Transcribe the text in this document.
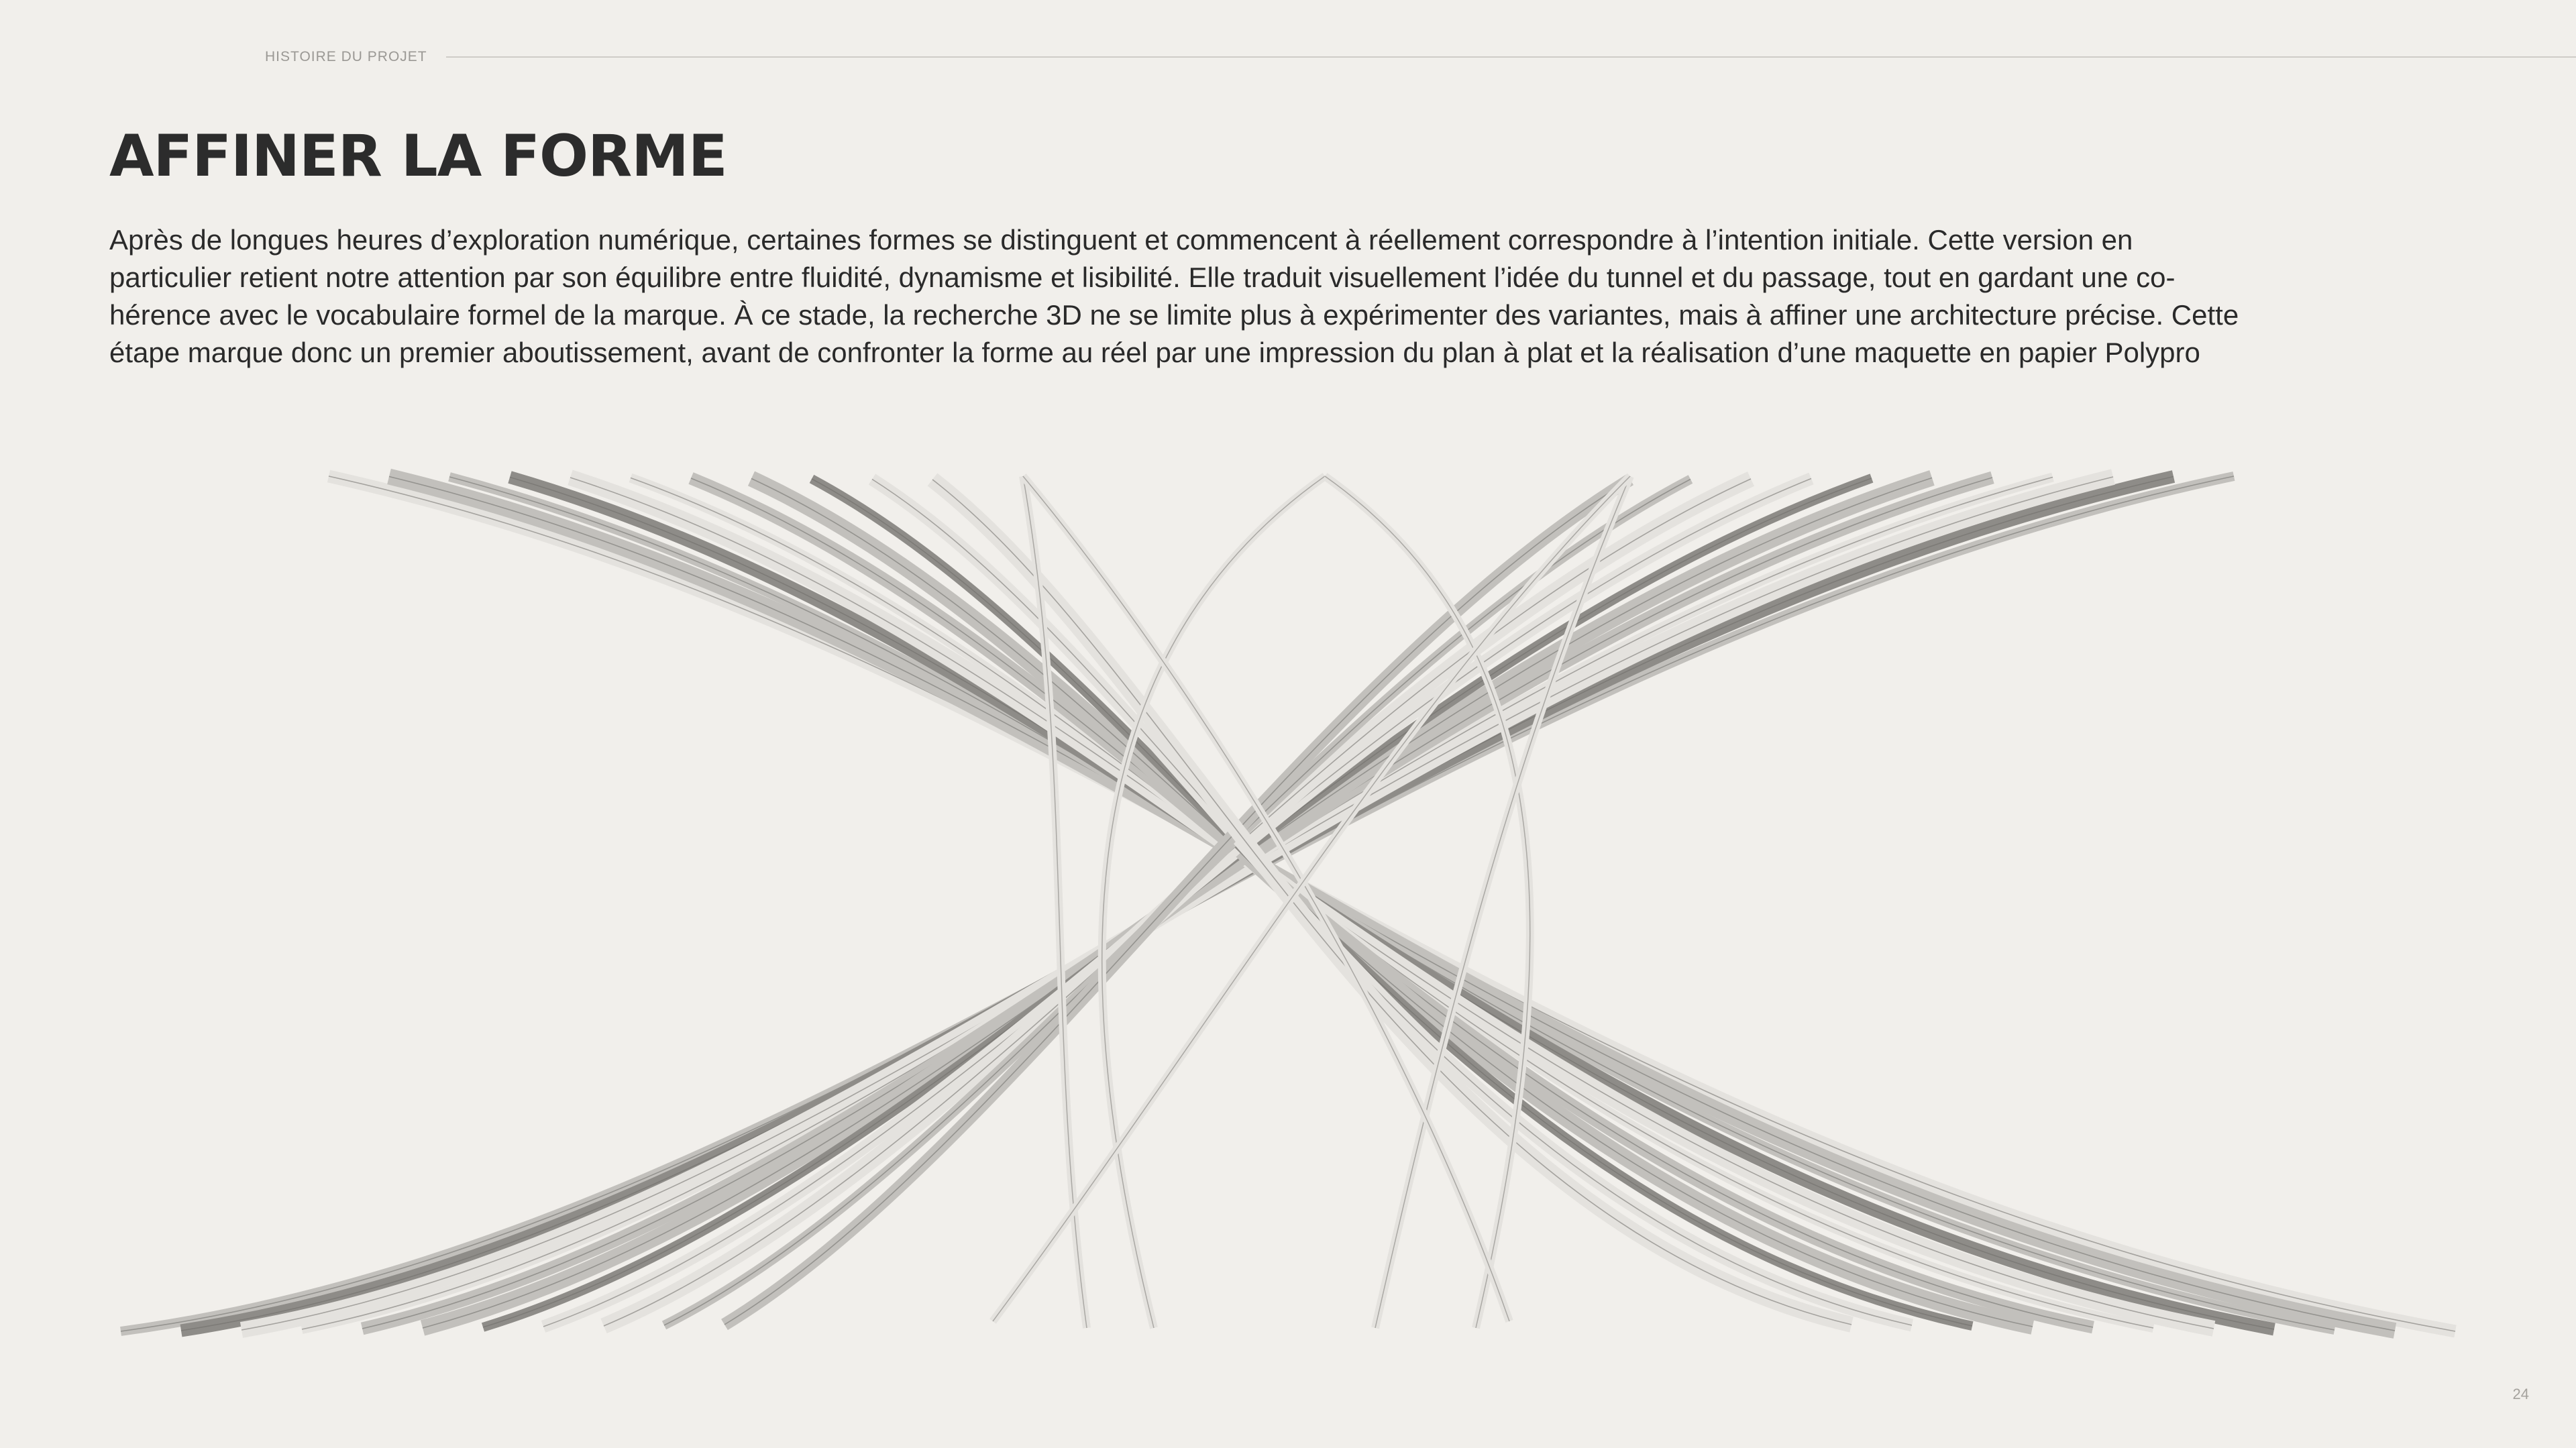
HISTOIRE DU PROJET
AFFINER LA FORME

Après de longues heures d’exploration numérique, certaines formes se distinguent et commencent à réellement correspondre à l’intention initiale. Cette version en
particulier retient notre attention par son équilibre entre fluidité, dynamisme et lisibilité. Elle traduit visuellement l’idée du tunnel et du passage, tout en gardant une co-
hérence avec le vocabulaire formel de la marque. À ce stade, la recherche 3D ne se limite plus à expérimenter des variantes, mais à affiner une architecture précise. Cette
étape marque donc un premier aboutissement, avant de confronter la forme au réel par une impression du plan à plat et la réalisation d’une maquette en papier Polypro

24
